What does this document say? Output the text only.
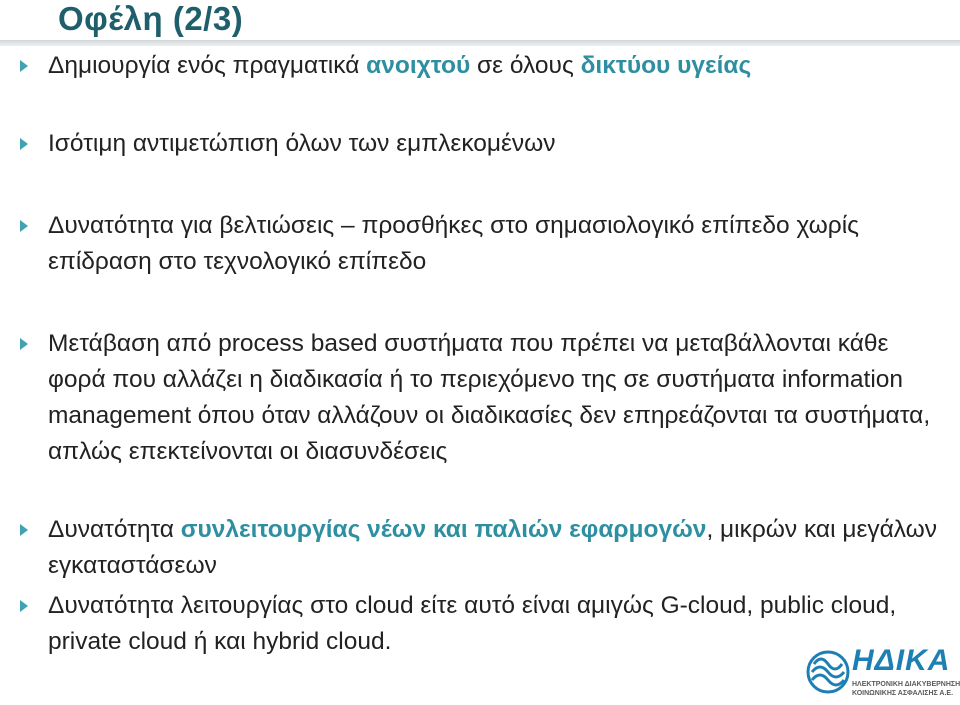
Οφέλη (2/3)
Δημιουργία ενός πραγματικά ανοιχτού σε όλους δικτύου υγείας
Ισότιμη αντιμετώπιση όλων των εμπλεκομένων
Δυνατότητα για βελτιώσεις – προσθήκες στο σημασιολογικό επίπεδο χωρίς επίδραση στο τεχνολογικό επίπεδο
Μετάβαση από process based συστήματα που πρέπει να μεταβάλλονται κάθε φορά που αλλάζει η διαδικασία ή το περιεχόμενο της σε συστήματα information management όπου όταν αλλάζουν οι διαδικασίες δεν επηρεάζονται τα συστήματα, απλώς επεκτείνονται οι διασυνδέσεις
Δυνατότητα συνλειτουργίας νέων και παλιών εφαρμογών, μικρών και μεγάλων εγκαταστάσεων
Δυνατότητα λειτουργίας στο cloud είτε αυτό είναι αμιγώς G-cloud, public cloud, private cloud ή και hybrid cloud.
ΗΔΙΚΑ
ΗΛΕΚΤΡΟΝΙΚΗ ΔΙΑΚΥΒΕΡΝΗΣΗ ΚΟΙΝΩΝΙΚΗΣ ΑΣΦΑΛΙΣΗΣ Α.Ε.
